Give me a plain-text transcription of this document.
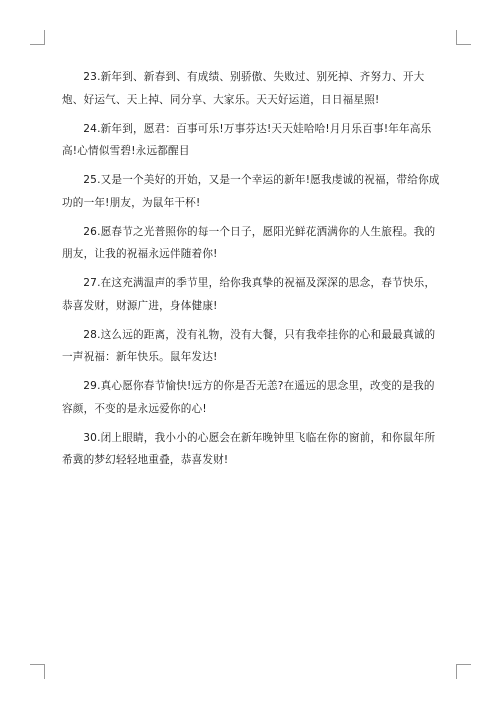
23.新年到、新春到、有成绩、别骄傲、失败过、别死掉、齐努力、开大炮、好运气、天上掉、同分享、大家乐。天天好运道，日日福星照!

24.新年到，愿君：百事可乐!万事芬达!天天娃哈哈!月月乐百事!年年高乐高!心情似雪碧!永远都醒目

25.又是一个美好的开始，又是一个幸运的新年!愿我虔诚的祝福，带给你成功的一年!朋友，为鼠年干杯!

26.愿春节之光普照你的每一个日子，愿阳光鲜花洒满你的人生旅程。我的朋友，让我的祝福永远伴随着你!

27.在这充满温声的季节里，给你我真挚的祝福及深深的思念，春节快乐，恭喜发财，财源广进，身体健康!

28.这么远的距离，没有礼物，没有大餐，只有我牵挂你的心和最最真诚的一声祝福：新年快乐。鼠年发达!

29.真心愿你春节愉快!远方的你是否无恙?在遥远的思念里，改变的是我的容颜，不变的是永远爱你的心!

30.闭上眼睛，我小小的心愿会在新年晚钟里飞临在你的窗前，和你鼠年所希冀的梦幻轻轻地重叠，恭喜发财!
